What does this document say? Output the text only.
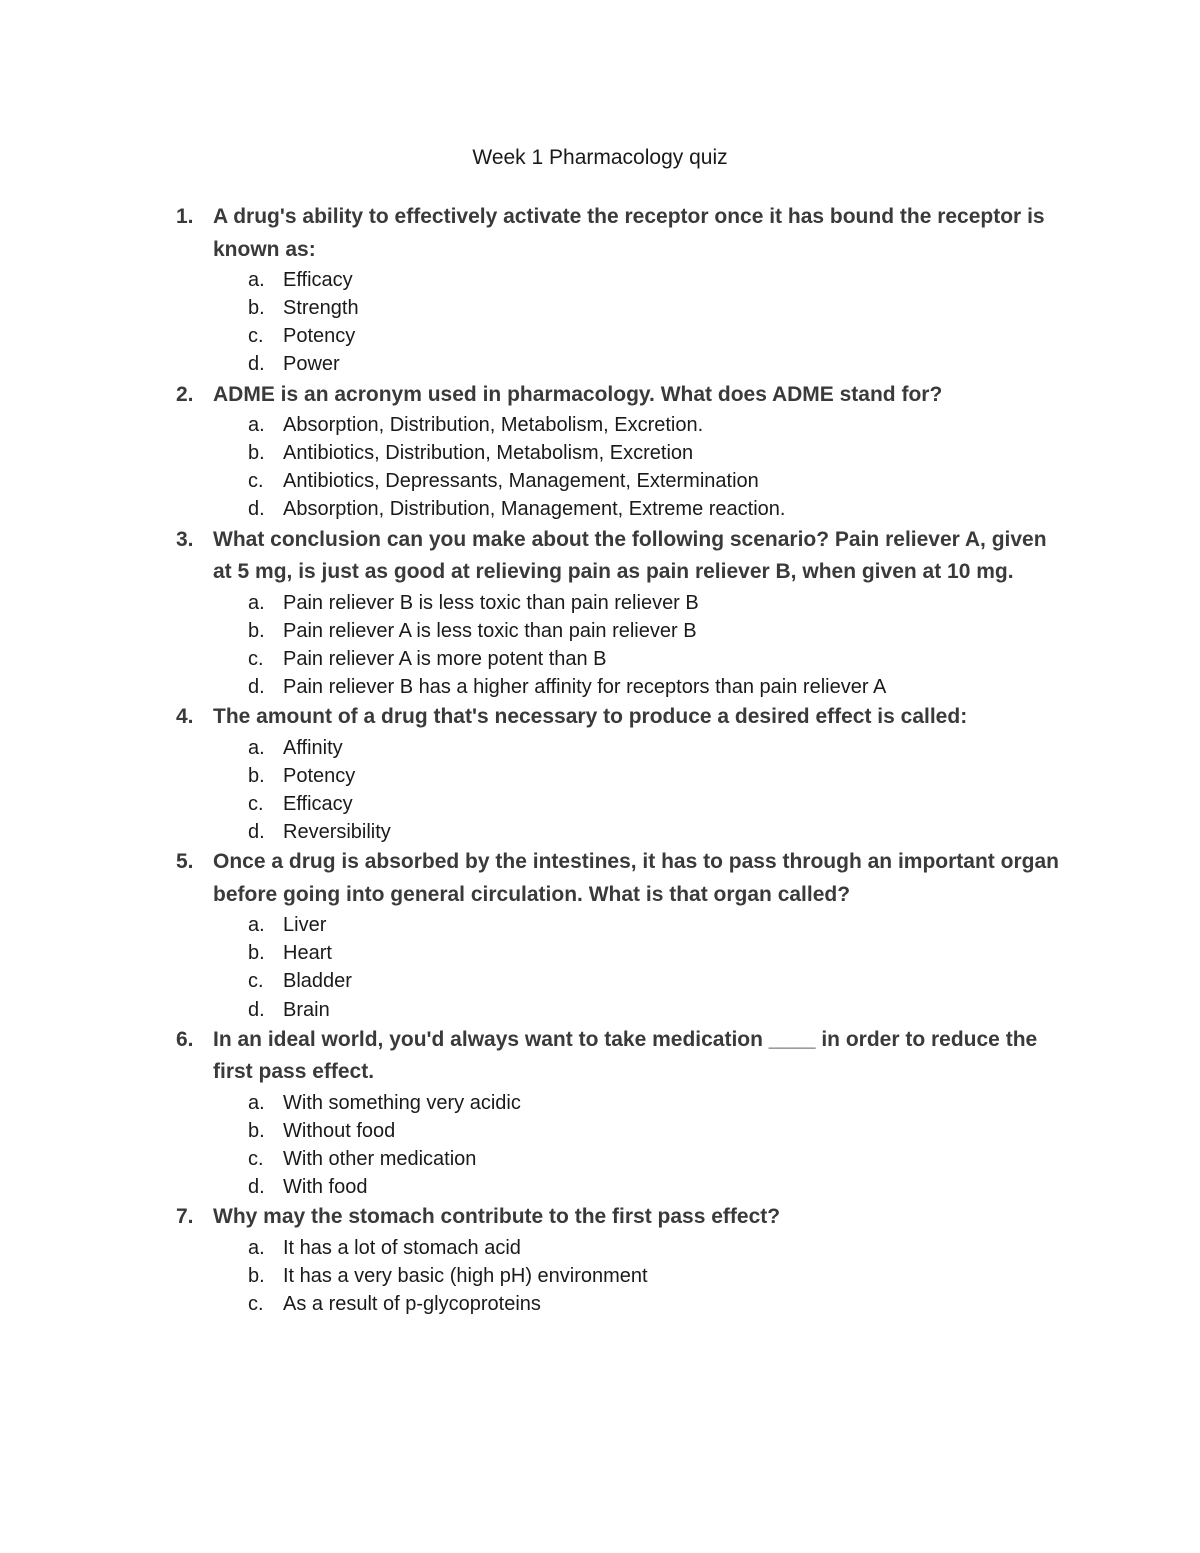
Week 1 Pharmacology quiz
1. A drug's ability to effectively activate the receptor once it has bound the receptor is known as:
a. Efficacy
b. Strength
c. Potency
d. Power
2. ADME is an acronym used in pharmacology. What does ADME stand for?
a. Absorption, Distribution, Metabolism, Excretion.
b. Antibiotics, Distribution, Metabolism, Excretion
c. Antibiotics, Depressants, Management, Extermination
d. Absorption, Distribution, Management, Extreme reaction.
3. What conclusion can you make about the following scenario? Pain reliever A, given at 5 mg, is just as good at relieving pain as pain reliever B, when given at 10 mg.
a. Pain reliever B is less toxic than pain reliever B
b. Pain reliever A is less toxic than pain reliever B
c. Pain reliever A is more potent than B
d. Pain reliever B has a higher affinity for receptors than pain reliever A
4. The amount of a drug that's necessary to produce a desired effect is called:
a. Affinity
b. Potency
c. Efficacy
d. Reversibility
5. Once a drug is absorbed by the intestines, it has to pass through an important organ before going into general circulation. What is that organ called?
a. Liver
b. Heart
c. Bladder
d. Brain
6. In an ideal world, you'd always want to take medication ____ in order to reduce the first pass effect.
a. With something very acidic
b. Without food
c. With other medication
d. With food
7. Why may the stomach contribute to the first pass effect?
a. It has a lot of stomach acid
b. It has a very basic (high pH) environment
c. As a result of p-glycoproteins
